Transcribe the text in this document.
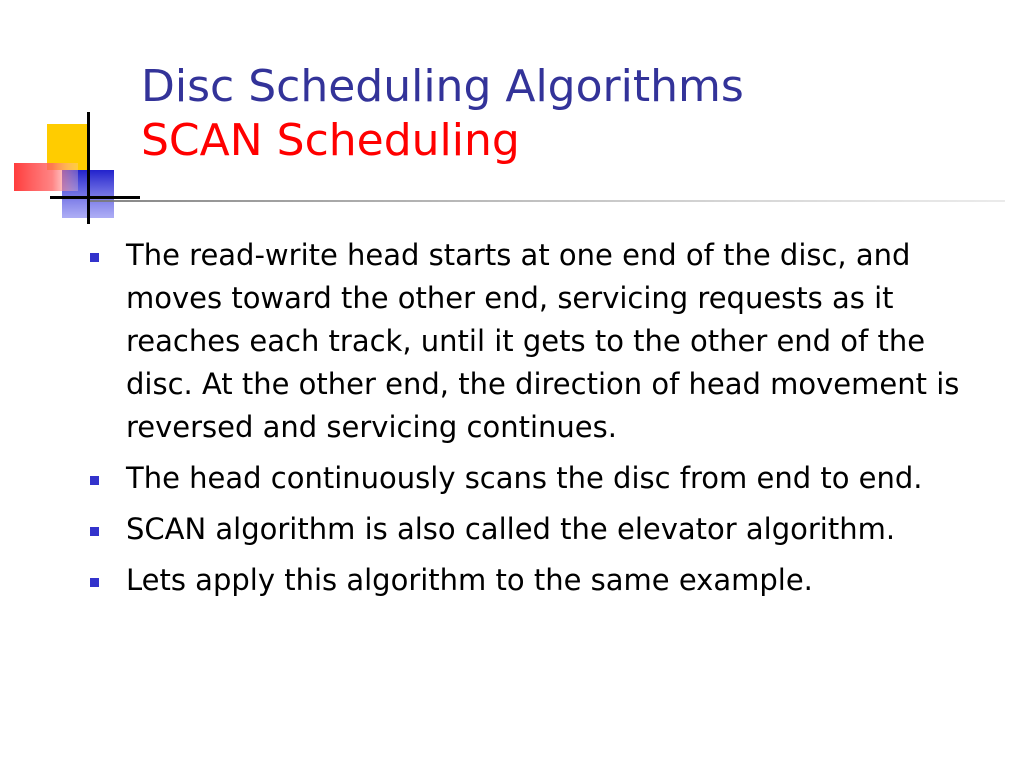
Disc Scheduling Algorithms
SCAN Scheduling
The read-write head starts at one end of the disc, and moves toward the other end, servicing requests as it reaches each track, until it gets to the other end of the disc. At the other end, the direction of head movement is reversed and servicing continues.
The head continuously scans the disc from end to end.
SCAN algorithm is also called the elevator algorithm.
Lets apply this algorithm to the same example.
